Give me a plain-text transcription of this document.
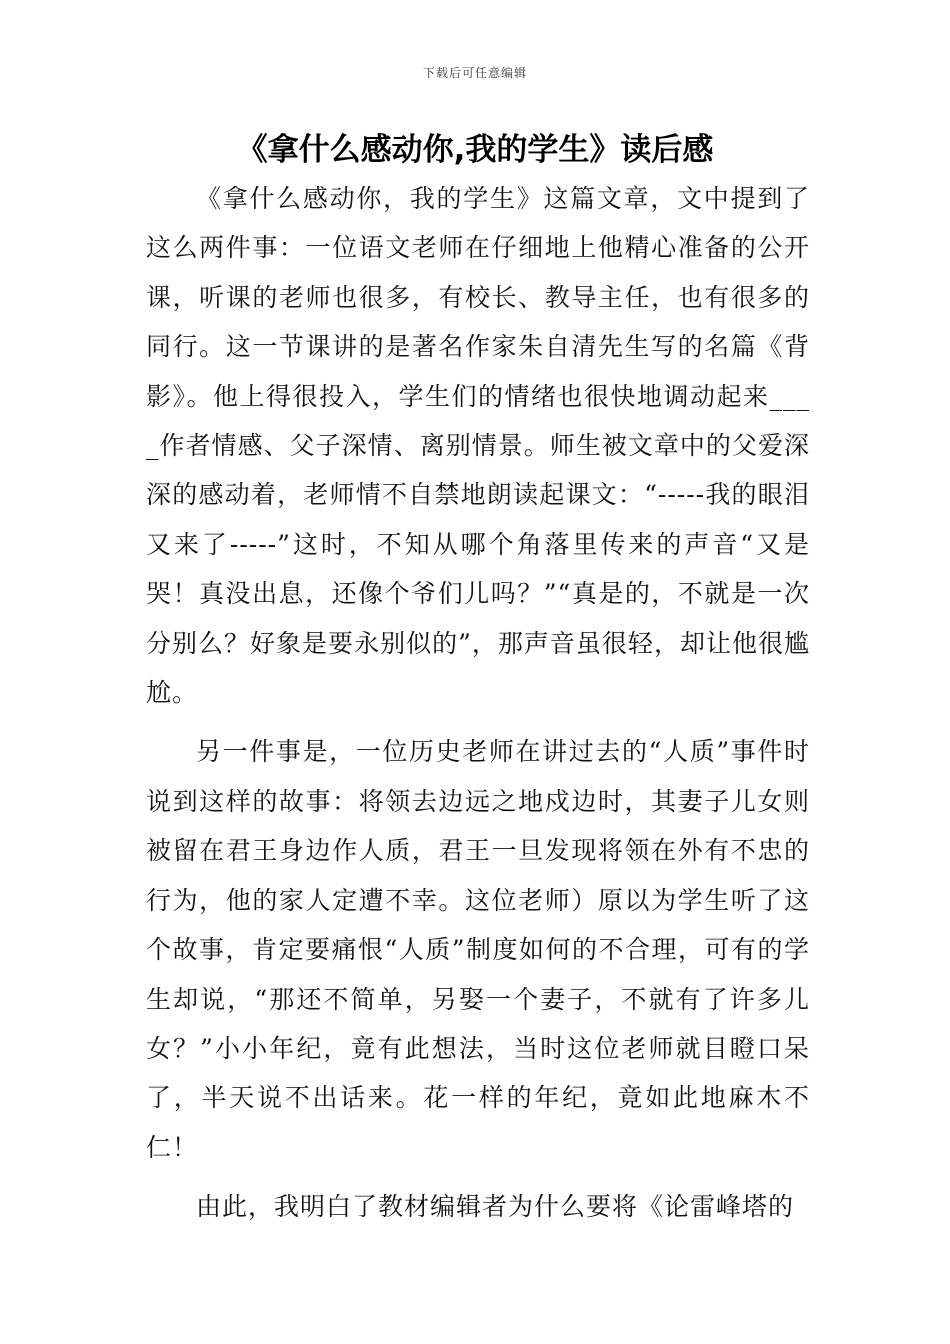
下载后可任意编辑
《拿什么感动你,我的学生》读后感

《拿什么感动你，我的学生》这篇文章，文中提到了这么两件事：一位语文老师在仔细地上他精心准备的公开课，听课的老师也很多，有校长、教导主任，也有很多的同行。这一节课讲的是著名作家朱自清先生写的名篇《背影》。他上得很投入，学生们的情绪也很快地调动起来____作者情感、父子深情、离别情景。师生被文章中的父爱深深的感动着，老师情不自禁地朗读起课文：“-----我的眼泪又来了-----”这时，不知从哪个角落里传来的声音“又是哭！真没出息，还像个爷们儿吗？”“真是的，不就是一次分别么？好象是要永别似的”，那声音虽很轻，却让他很尴尬。

另一件事是，一位历史老师在讲过去的“人质”事件时说到这样的故事：将领去边远之地戍边时，其妻子儿女则被留在君王身边作人质，君王一旦发现将领在外有不忠的行为，他的家人定遭不幸。这位老师）原以为学生听了这个故事，肯定要痛恨“人质”制度如何的不合理，可有的学生却说，“那还不简单，另娶一个妻子，不就有了许多儿女？”小小年纪，竟有此想法，当时这位老师就目瞪口呆了，半天说不出话来。花一样的年纪，竟如此地麻木不仁！

由此，我明白了教材编辑者为什么要将《论雷峰塔的
